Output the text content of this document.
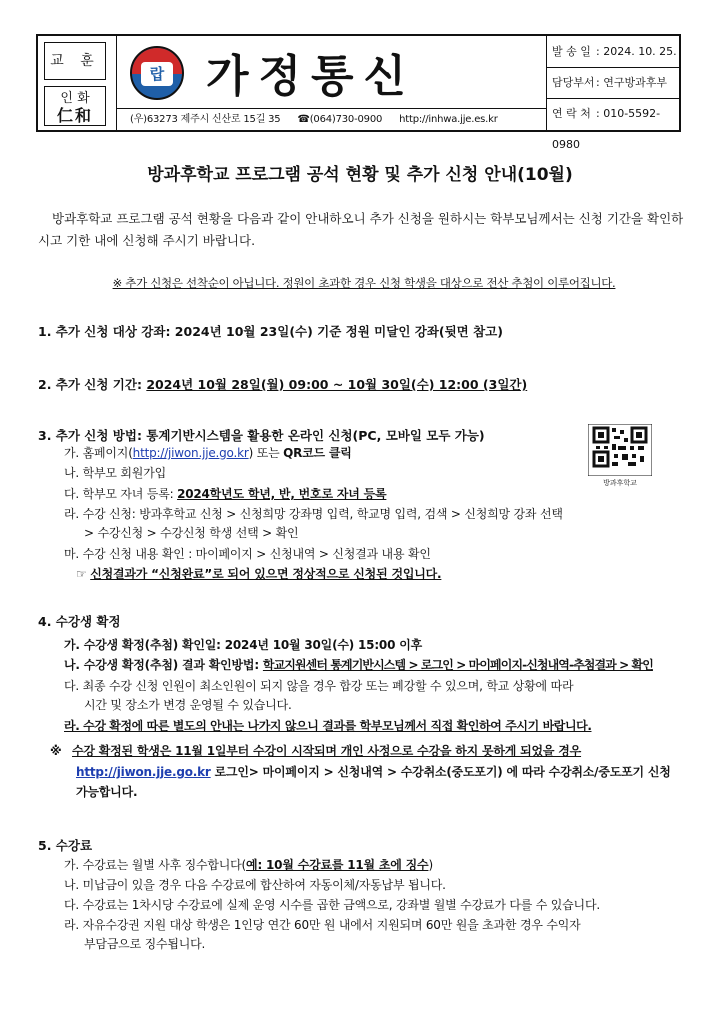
교 훈
인 화
仁和
랍 가정통신
(우)63273 제주시 신산로 15길 35 ☎(064)730-0900 http://inhwa.jje.es.kr
발 송 일 : 2024. 10. 25.
담당부서: 연구방과후부
연 락 처 : 010-5592-0980
방과후학교 프로그램 공석 현황 및 추가 신청 안내(10월)
방과후학교 프로그램 공석 현황을 다음과 같이 안내하오니 추가 신청을 원하시는 학부모님께서는 신청 기간을 확인하시고 기한 내에 신청해 주시기 바랍니다.
※ 추가 신청은 선착순이 아닙니다. 정원이 초과한 경우 신청 학생을 대상으로 전산 추첨이 이루어집니다.
1. 추가 신청 대상 강좌: 2024년 10월 23일(수) 기준 정원 미달인 강좌(뒷면 참고)
2. 추가 신청 기간: 2024년 10월 28일(월) 09:00 ~ 10월 30일(수) 12:00 (3일간)
3. 추가 신청 방법: 통계기반시스템을 활용한 온라인 신청(PC, 모바일 모두 가능)
가. 홈페이지(http://jiwon.jje.go.kr) 또는 QR코드 클릭
나. 학부모 회원가입
다. 학부모 자녀 등록: 2024학년도 학년, 반, 번호로 자녀 등록
라. 수강 신청: 방과후학교 신청 > 신청희망 강좌명 입력, 학교명 입력, 검색 > 신청희망 강좌 선택
> 수강신청 > 수강신청 학생 선택 > 확인
마. 수강 신청 내용 확인 : 마이페이지 > 신청내역 > 신청결과 내용 확인
☞ 신청결과가 “신청완료”로 되어 있으면 정상적으로 신청된 것입니다.
방과후학교
4. 수강생 확정
가. 수강생 확정(추첨) 확인일: 2024년 10월 30일(수) 15:00 이후
나. 수강생 확정(추첨) 결과 확인방법: 학교지원센터 통계기반시스템 > 로그인 > 마이페이지-신청내역-추첨결과 > 확인
다. 최종 수강 신청 인원이 최소인원이 되지 않을 경우 합강 또는 폐강할 수 있으며, 학교 상황에 따라
시간 및 장소가 변경 운영될 수 있습니다.
라. 수강 확정에 따른 별도의 안내는 나가지 않으니 결과를 학부모님께서 직접 확인하여 주시기 바랍니다.
※ 수강 확정된 학생은 11월 1일부터 수강이 시작되며 개인 사정으로 수강을 하지 못하게 되었을 경우
http://jiwon.jje.go.kr 로그인> 마이페이지 > 신청내역 > 수강취소(중도포기) 에 따라 수강취소/중도포기 신청
가능합니다.
5. 수강료
가. 수강료는 월별 사후 징수합니다(예: 10월 수강료를 11월 초에 징수)
나. 미납금이 있을 경우 다음 수강료에 합산하여 자동이체/자동납부 됩니다.
다. 수강료는 1차시당 수강료에 실제 운영 시수를 곱한 금액으로, 강좌별 월별 수강료가 다를 수 있습니다.
라. 자유수강권 지원 대상 학생은 1인당 연간 60만 원 내에서 지원되며 60만 원을 초과한 경우 수익자
부담금으로 징수됩니다.
